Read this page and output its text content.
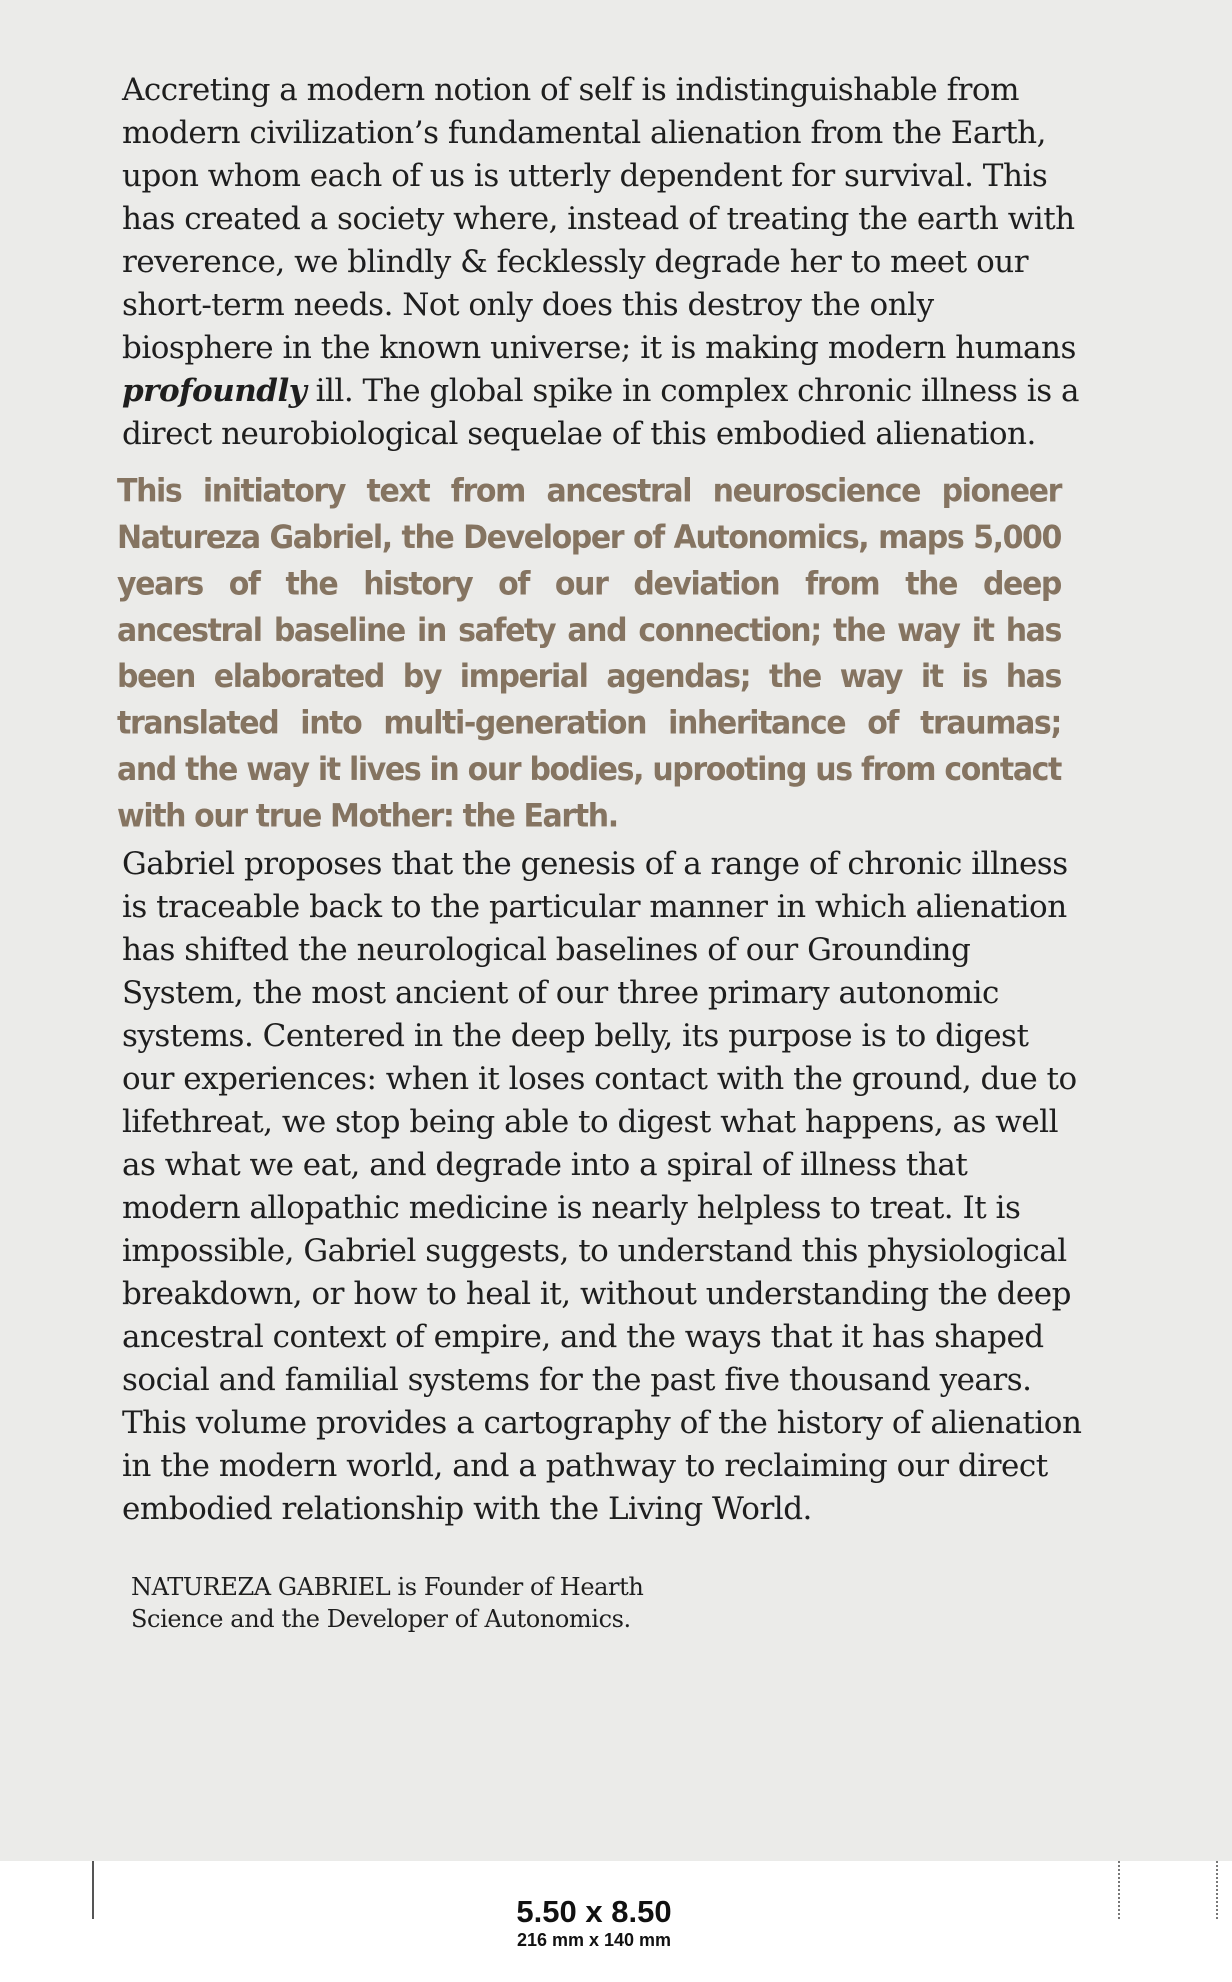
Accreting a modern notion of self is indistinguishable from modern civilization’s fundamental alienation from the Earth, upon whom each of us is utterly dependent for survival. This has created a society where, instead of treating the earth with reverence, we blindly & fecklessly degrade her to meet our short-term needs. Not only does this destroy the only biosphere in the known universe; it is making modern humans profoundly ill. The global spike in complex chronic illness is a direct neurobiological sequelae of this embodied alienation.

This initiatory text from ancestral neuroscience pioneer Natureza Gabriel, the Developer of Autonomics, maps 5,000 years of the history of our deviation from the deep ancestral baseline in safety and connection; the way it has been elaborated by imperial agendas; the way it is has translated into multi-generation inheritance of traumas; and the way it lives in our bodies, uprooting us from contact with our true Mother: the Earth.

Gabriel proposes that the genesis of a range of chronic illness is traceable back to the particular manner in which alienation has shifted the neurological baselines of our Grounding System, the most ancient of our three primary autonomic systems. Centered in the deep belly, its purpose is to digest our experiences: when it loses contact with the ground, due to lifethreat, we stop being able to digest what happens, as well as what we eat, and degrade into a spiral of illness that modern allopathic medicine is nearly helpless to treat. It is impossible, Gabriel suggests, to understand this physiological breakdown, or how to heal it, without understanding the deep ancestral context of empire, and the ways that it has shaped social and familial systems for the past five thousand years. This volume provides a cartography of the history of alienation in the modern world, and a pathway to reclaiming our direct embodied relationship with the Living World.

NATUREZA GABRIEL is Founder of Hearth Science and the Developer of Autonomics.

5.50 x 8.50
216 mm x 140 mm
